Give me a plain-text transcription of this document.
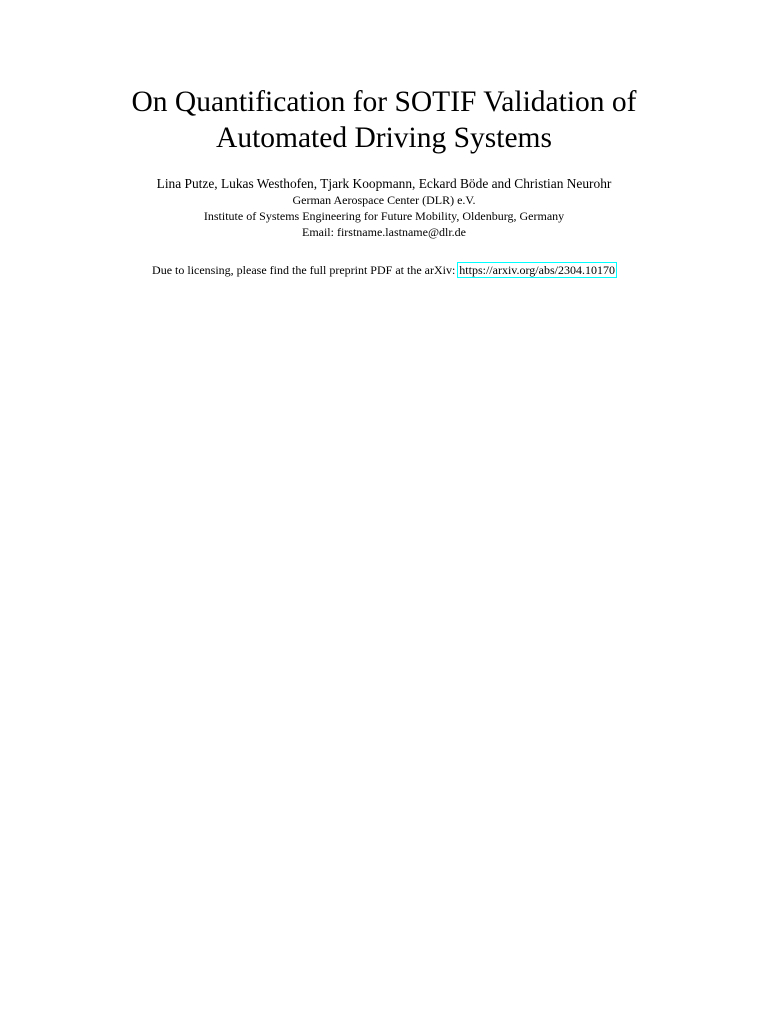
On Quantification for SOTIF Validation of
Automated Driving Systems
Lina Putze, Lukas Westhofen, Tjark Koopmann, Eckard Böde and Christian Neurohr
German Aerospace Center (DLR) e.V.
Institute of Systems Engineering for Future Mobility, Oldenburg, Germany
Email: firstname.lastname@dlr.de
Due to licensing, please find the full preprint PDF at the arXiv: https://arxiv.org/abs/2304.10170
